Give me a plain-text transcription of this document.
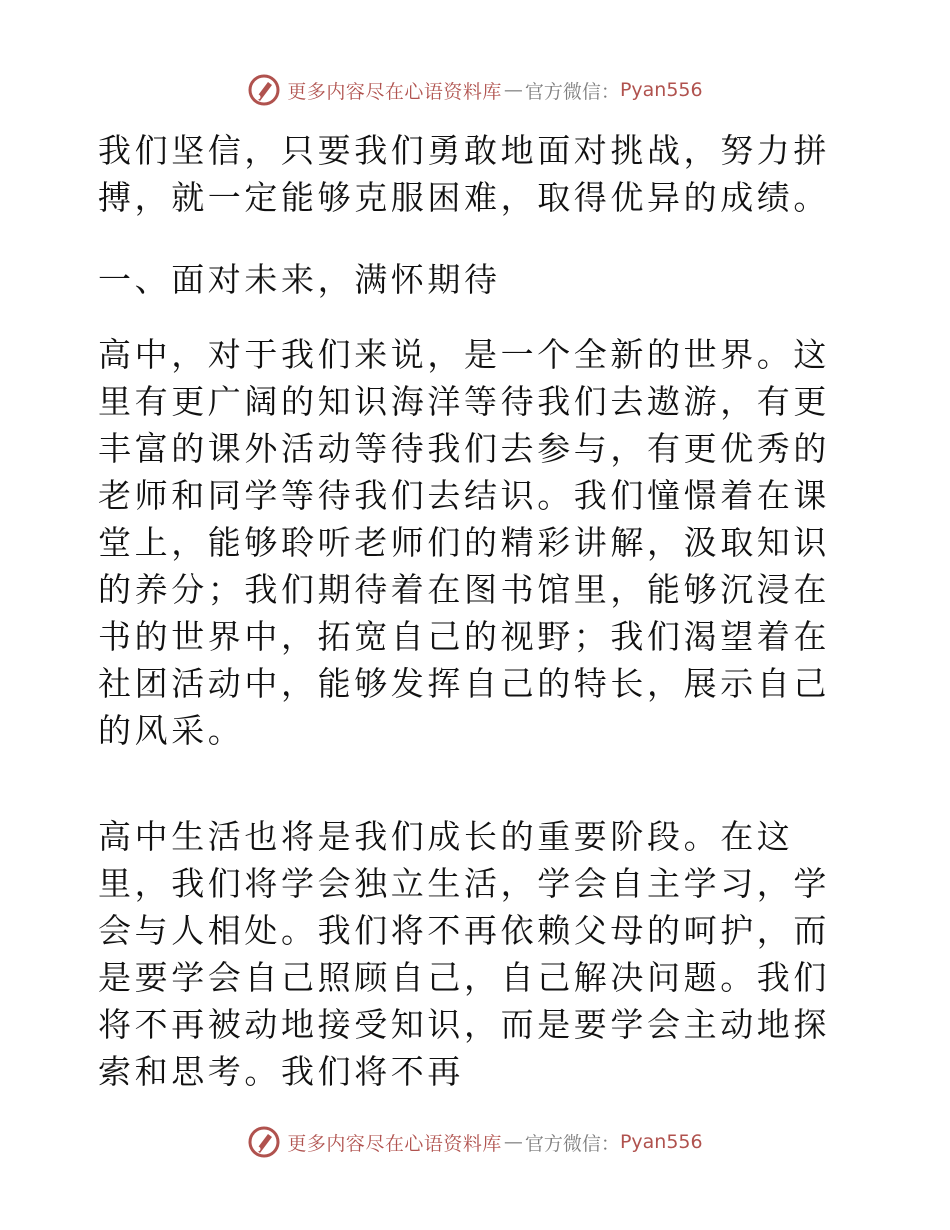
更多内容尽在心语资料库 — 官方微信： Pyan556

我们坚信，只要我们勇敢地面对挑战，努力拼搏，就一定能够克服困难，取得优异的成绩。

一、面对未来，满怀期待

高中，对于我们来说，是一个全新的世界。这里有更广阔的知识海洋等待我们去遨游，有更丰富的课外活动等待我们去参与，有更优秀的老师和同学等待我们去结识。我们憧憬着在课堂上，能够聆听老师们的精彩讲解，汲取知识的养分；我们期待着在图书馆里，能够沉浸在书的世界中，拓宽自己的视野；我们渴望着在社团活动中，能够发挥自己的特长，展示自己的风采。

高中生活也将是我们成长的重要阶段。在这里，我们将学会独立生活，学会自主学习，学会与人相处。我们将不再依赖父母的呵护，而是要学会自己照顾自己，自己解决问题。我们将不再被动地接受知识，而是要学会主动地探索和思考。我们将不再

更多内容尽在心语资料库 — 官方微信： Pyan556
